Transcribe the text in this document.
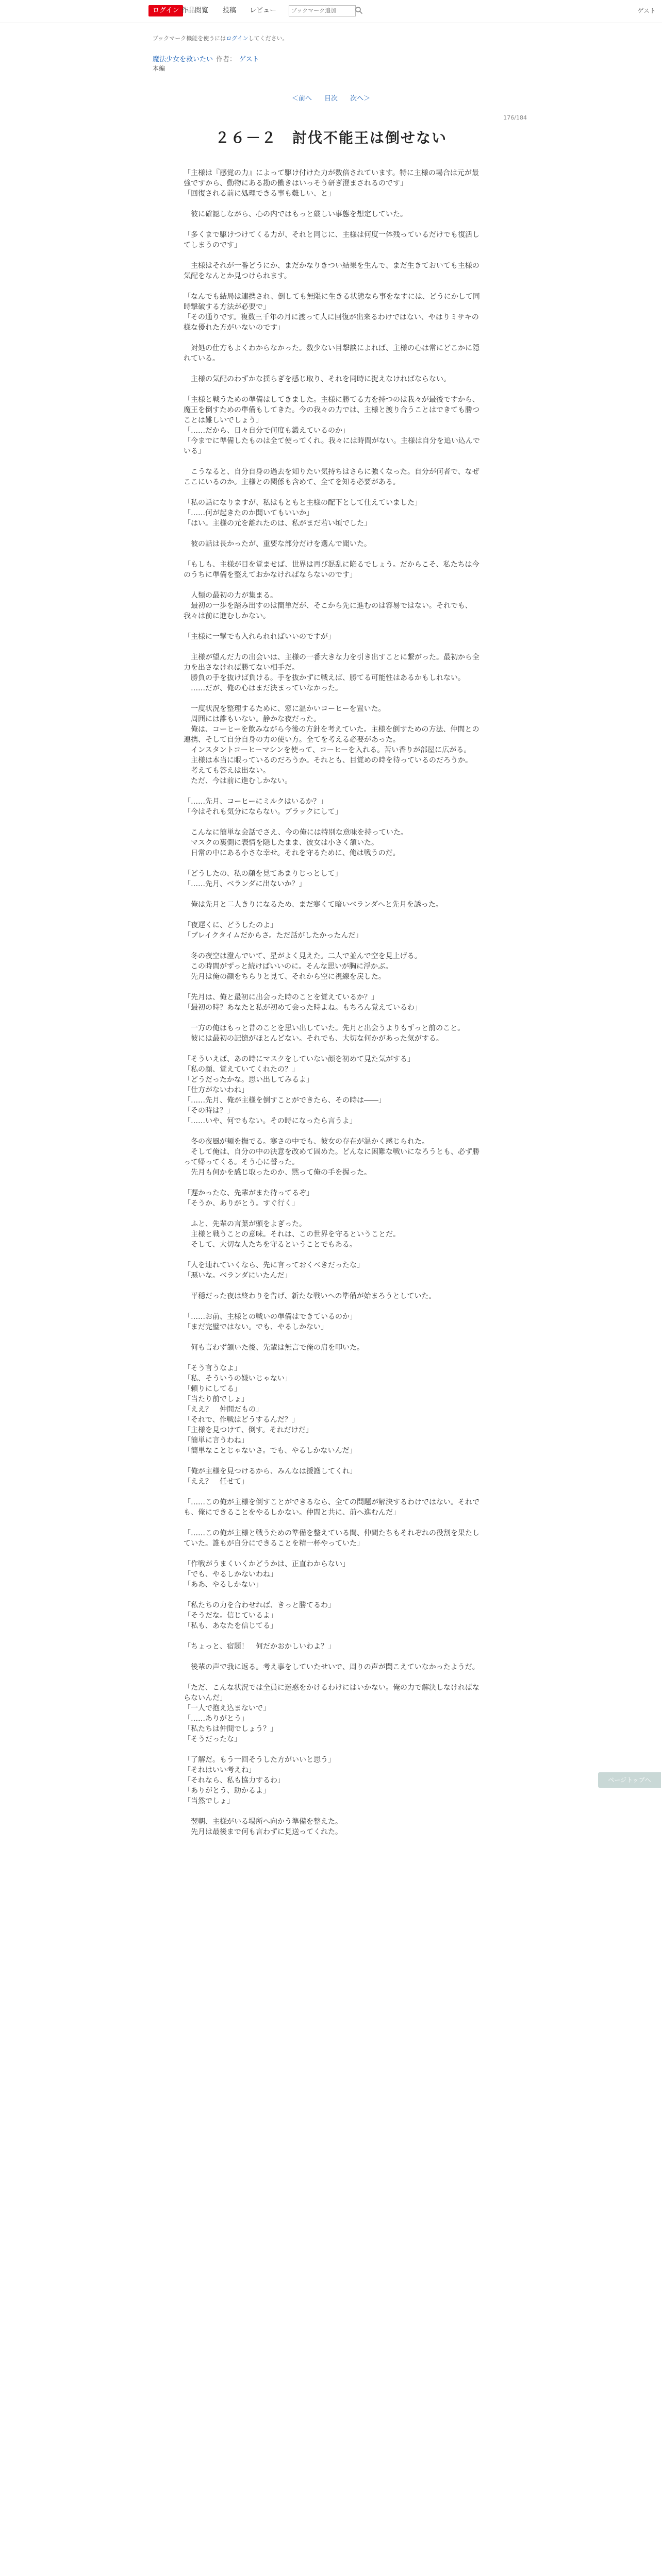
ログイン 作品閲覧 投稿 レビュー
ブックマーク追加	ゲスト
ブックマーク機能を使うにはログインしてください。
魔法少女を救いたい 作者： ゲスト
本編
＜前へ 目次 次へ＞
176/184
２６－２　討伐不能王は倒せない

「主様は『感覚の力』によって駆け付けた力が数倍されています。特に主様の場合は元が最強ですから、動物にある勘の働きはいっそう研ぎ澄まされるのです」
「回復される前に処理できる事も難しい、と」

　彼に確認しながら、心の内ではもっと厳しい事態を想定していた。

「多くまで駆けつけてくる力が、それと同じに、主様は何度一体残っているだけでも復活してしまうのです」

　主様はそれが一番どうにか、まだかなりきつい結果を生んで、まだ生きておいても主様の気配をなんとか見つけられます。

「なんでも結局は連携され、倒しても無限に生きる状態なら事をなすには、どうにかして同時撃破する方法が必要で」
「その通りです。複数三千年の月に渡って人に回復が出来るわけではない、やはりミサキの様な優れた方がいないのです」

　対処の仕方もよくわからなかった。数少ない目撃談によれば、主様の心は常にどこかに隠れている。

　主様の気配のわずかな揺らぎを感じ取り、それを同時に捉えなければならない。

「主様と戦うための準備はしてきました。主様に勝てる力を持つのは我々が最後ですから、魔王を倒すための準備もしてきた。今の我々の力では、主様と渡り合うことはできても勝つことは難しいでしょう」
「……だから、日々自分で何度も鍛えているのか」
「今までに準備したものは全て使ってくれ。我々には時間がない。主様は自分を追い込んでいる」

　こうなると、自分自身の過去を知りたい気持ちはさらに強くなった。自分が何者で、なぜここにいるのか。主様との関係も含めて、全てを知る必要がある。

「私の話になりますが、私はもともと主様の配下として仕えていました」
「……何が起きたのか聞いてもいいか」
「はい。主様の元を離れたのは、私がまだ若い頃でした」

　彼の話は長かったが、重要な部分だけを選んで聞いた。

「もしも、主様が目を覚ませば、世界は再び混乱に陥るでしょう。だからこそ、私たちは今のうちに準備を整えておかなければならないのです」

　人類の最初の力が集まる。
　最初の一歩を踏み出すのは簡単だが、そこから先に進むのは容易ではない。それでも、我々は前に進むしかない。

「主様に一撃でも入れられればいいのですが」

　主様が望んだ力の出会いは、主様の一番大きな力を引き出すことに繋がった。最初から全力を出さなければ勝てない相手だ。
　勝負の手を抜けば負ける。手を抜かずに戦えば、勝てる可能性はあるかもしれない。
　……だが、俺の心はまだ決まっていなかった。

　一度状況を整理するために、窓に温かいコーヒーを置いた。
　周囲には誰もいない。静かな夜だった。
　俺は、コーヒーを飲みながら今後の方針を考えていた。主様を倒すための方法、仲間との連携、そして自分自身の力の使い方。全てを考える必要があった。
　インスタントコーヒーマシンを使って、コーヒーを入れる。苦い香りが部屋に広がる。
　主様は本当に眠っているのだろうか。それとも、目覚めの時を待っているのだろうか。
　考えても答えは出ない。
　ただ、今は前に進むしかない。

「……先月、コーヒーにミルクはいるか？」
「今はそれも気分にならない。ブラックにして」

　こんなに簡単な会話でさえ、今の俺には特別な意味を持っていた。
　マスクの裏側に表情を隠したまま、彼女は小さく頷いた。
　日常の中にある小さな幸せ。それを守るために、俺は戦うのだ。

「どうしたの、私の顔を見てあまりじっとして」
「……先月、ベランダに出ないか？」

　俺は先月と二人きりになるため、まだ寒くて暗いベランダへと先月を誘った。

「夜遅くに、どうしたのよ」
「ブレイクタイムだからさ。ただ話がしたかったんだ」

　冬の夜空は澄んでいて、星がよく見えた。二人で並んで空を見上げる。
　この時間がずっと続けばいいのに。そんな思いが胸に浮かぶ。
　先月は俺の顔をちらりと見て、それから空に視線を戻した。

「先月は、俺と最初に出会った時のことを覚えているか？」
「最初の時？あなたと私が初めて会った時よね。もちろん覚えているわ」

　一方の俺はもっと昔のことを思い出していた。先月と出会うよりもずっと前のこと。
　彼には最初の記憶がほとんどない。それでも、大切な何かがあった気がする。

「そういえば、あの時にマスクをしていない顔を初めて見た気がする」
「私の顔、覚えていてくれたの？」
「どうだったかな。思い出してみるよ」
「仕方がないわね」
「……先月、俺が主様を倒すことができたら、その時は――」
「その時は？」
「……いや、何でもない。その時になったら言うよ」

　冬の夜風が頬を撫でる。寒さの中でも、彼女の存在が温かく感じられた。
　そして俺は、自分の中の決意を改めて固めた。どんなに困難な戦いになろうとも、必ず勝って帰ってくる。そう心に誓った。
　先月も何かを感じ取ったのか、黙って俺の手を握った。

「遅かったな、先輩がまた待ってるぞ」
「そうか、ありがとう。すぐ行く」

　ふと、先輩の言葉が頭をよぎった。
　主様と戦うことの意味。それは、この世界を守るということだ。
　そして、大切な人たちを守るということでもある。

「人を連れていくなら、先に言っておくべきだったな」
「悪いな。ベランダにいたんだ」

　平穏だった夜は終わりを告げ、新たな戦いへの準備が始まろうとしていた。

「……お前、主様との戦いの準備はできているのか」
「まだ完璧ではない。でも、やるしかない」

　何も言わず頷いた後、先輩は無言で俺の肩を叩いた。

「そう言うなよ」
「私、そういうの嫌いじゃない」
「頼りにしてる」
「当たり前でしょ」
「ええ？　仲間だもの」
「それで、作戦はどうするんだ？」
「主様を見つけて、倒す。それだけだ」
「簡単に言うわね」
「簡単なことじゃないさ。でも、やるしかないんだ」

「俺が主様を見つけるから、みんなは援護してくれ」
「ええ？　任せて」

「……この俺が主様を倒すことができるなら、全ての問題が解決するわけではない。それでも、俺にできることをやるしかない。仲間と共に、前へ進むんだ」

「……この俺が主様と戦うための準備を整えている間、仲間たちもそれぞれの役割を果たしていた。誰もが自分にできることを精一杯やっていた」

「作戦がうまくいくかどうかは、正直わからない」
「でも、やるしかないわね」
「ああ、やるしかない」

「私たちの力を合わせれば、きっと勝てるわ」
「そうだな。信じているよ」
「私も、あなたを信じてる」

「ちょっと、宿題！　何だかおかしいわよ？」

　後輩の声で我に返る。考え事をしていたせいで、周りの声が聞こえていなかったようだ。

「ただ、こんな状況では全員に迷惑をかけるわけにはいかない。俺の力で解決しなければならないんだ」
「一人で抱え込まないで」
「……ありがとう」
「私たちは仲間でしょう？」
「そうだったな」

「了解だ。もう一回そうした方がいいと思う」
「それはいい考えね」
「それなら、私も協力するわ」
「ありがとう、助かるよ」
「当然でしょ」

　翌朝、主様がいる場所へ向かう準備を整えた。
　先月は最後まで何も言わずに見送ってくれた。

ページトップへ
